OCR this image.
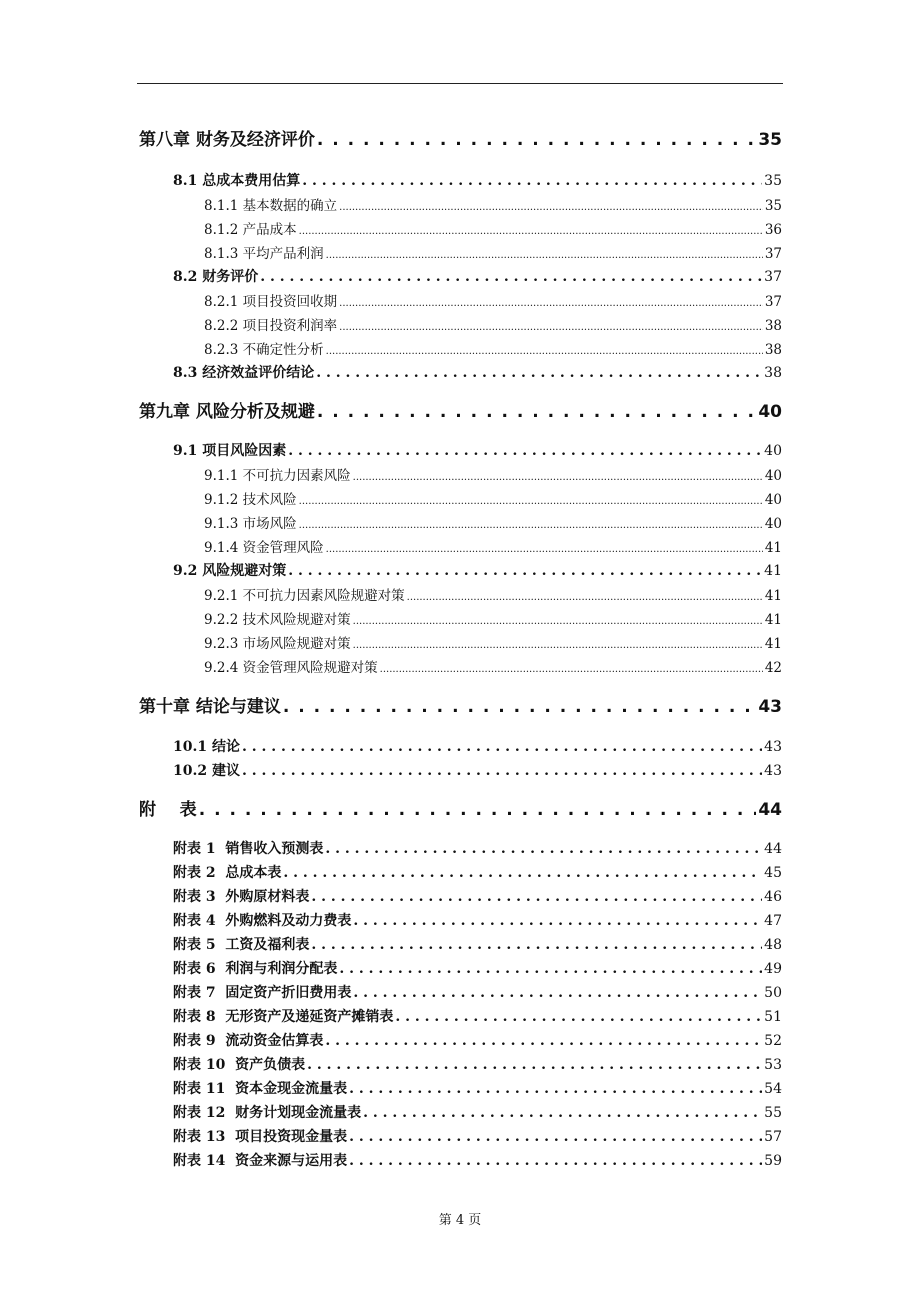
第八章 财务及经济评价 . . .	35
8.1 总成本费用估算 . . .	35
8.1.1 基本数据的确立 .....	35
8.1.2 产品成本 .....	36
8.1.3 平均产品利润 .....	37
8.2 财务评价 . . .	37
8.2.1 项目投资回收期 .....	37
8.2.2 项目投资利润率 .....	38
8.2.3 不确定性分析 .....	38
8.3 经济效益评价结论 . . .	38
第九章 风险分析及规避 . . .	40
9.1 项目风险因素 . . .	40
9.1.1 不可抗力因素风险 .....	40
9.1.2 技术风险 .....	40
9.1.3 市场风险 .....	40
9.1.4 资金管理风险 .....	41
9.2 风险规避对策 . . .	41
9.2.1 不可抗力因素风险规避对策 .....	41
9.2.2 技术风险规避对策 .....	41
9.2.3 市场风险规避对策 .....	41
9.2.4 资金管理风险规避对策 .....	42
第十章 结论与建议 . . .	43
10.1 结论 . . .	43
10.2 建议 . . .	43
附    表 . . .	44
附表 1  销售收入预测表 . . .	44
附表 2  总成本表 . . .	45
附表 3  外购原材料表 . . .	46
附表 4  外购燃料及动力费表 . . .	47
附表 5  工资及福利表 . . .	48
附表 6  利润与利润分配表 . . .	49
附表 7  固定资产折旧费用表 . . .	50
附表 8  无形资产及递延资产摊销表 . . .	51
附表 9  流动资金估算表 . . .	52
附表 10  资产负债表 . . .	53
附表 11  资本金现金流量表 . . .	54
附表 12  财务计划现金流量表 . . .	55
附表 13  项目投资现金量表 . . .	57
附表 14  资金来源与运用表 . . .	59
第 4 页
